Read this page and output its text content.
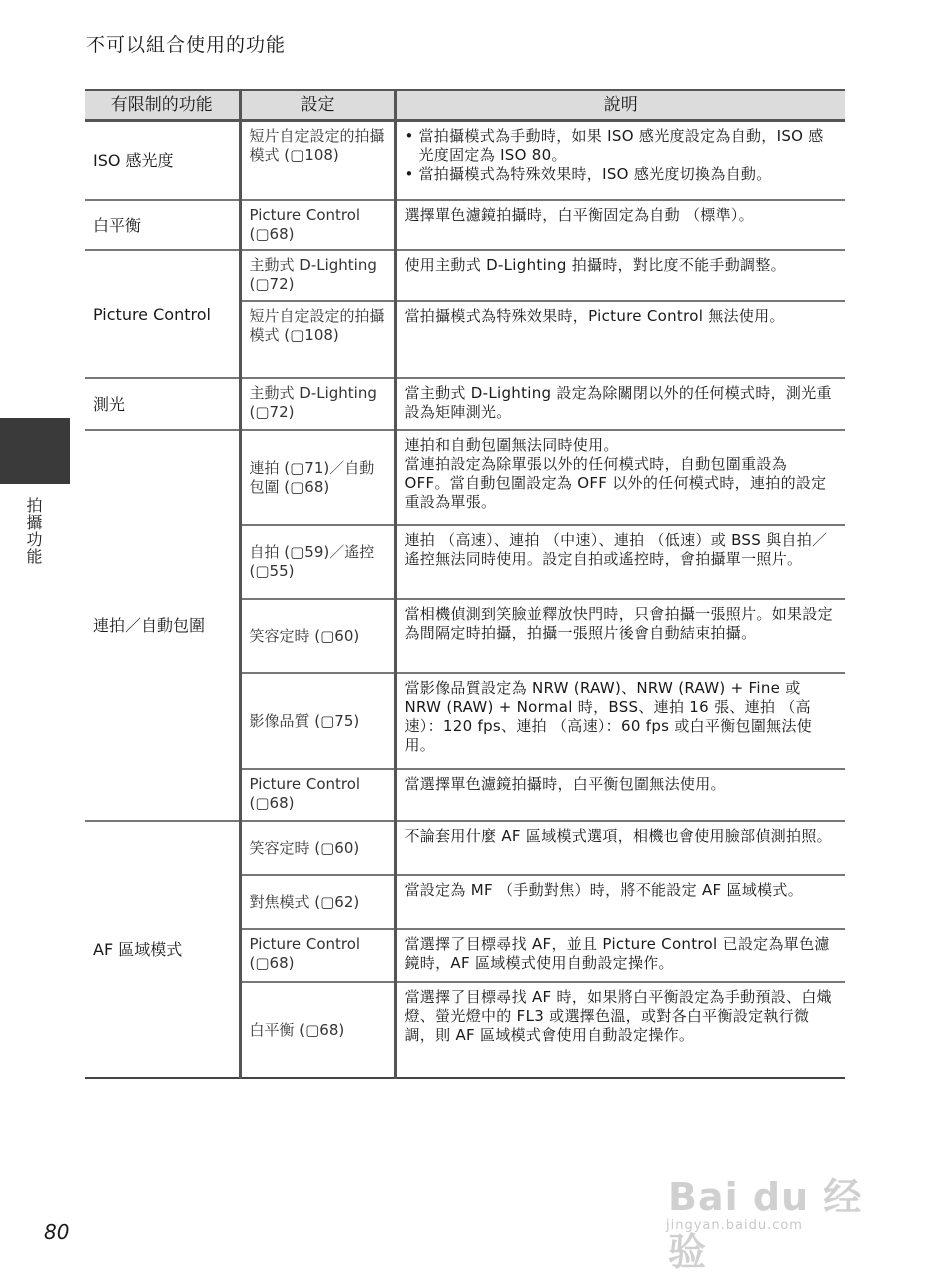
不可以組合使用的功能
拍攝功能
有限制的功能	設定	說明
ISO 感光度	短片自定設定的拍攝模式 (▢108)	• 當拍攝模式為手動時，如果 ISO 感光度設定為自動，ISO 感光度固定為 ISO 80。
• 當拍攝模式為特殊效果時，ISO 感光度切換為自動。

白平衡	Picture Control (▢68)	選擇單色濾鏡拍攝時，白平衡固定為自動 （標準）。
Picture Control	主動式 D-Lighting (▢72)	使用主動式 D-Lighting 拍攝時，對比度不能手動調整。
	短片自定設定的拍攝模式 (▢108)	當拍攝模式為特殊效果時，Picture Control 無法使用。
測光	主動式 D-Lighting (▢72)	當主動式 D-Lighting 設定為除關閉以外的任何模式時，測光重設為矩陣測光。
連拍／自動包圍	連拍 (▢71)／自動包圍 (▢68)	連拍和自動包圍無法同時使用。
當連拍設定為除單張以外的任何模式時，自動包圍重設為 OFF。當自動包圍設定為 OFF 以外的任何模式時，連拍的設定重設為單張。

	自拍 (▢59)／遙控(▢55)	連拍 （高速）、連拍 （中速）、連拍 （低速）或 BSS 與自拍／遙控無法同時使用。設定自拍或遙控時，會拍攝單一照片。
	笑容定時 (▢60)	當相機偵測到笑臉並釋放快門時，只會拍攝一張照片。如果設定為間隔定時拍攝，拍攝一張照片後會自動結束拍攝。
	影像品質 (▢75)	當影像品質設定為 NRW (RAW)、NRW (RAW) + Fine 或 NRW (RAW) + Normal 時，BSS、連拍 16 張、連拍 （高速）：120 fps、連拍 （高速）：60 fps 或白平衡包圍無法使用。
	Picture Control (▢68)	當選擇單色濾鏡拍攝時，白平衡包圍無法使用。
AF 區域模式	笑容定時 (▢60)	不論套用什麼 AF 區域模式選項，相機也會使用臉部偵測拍照。
	對焦模式 (▢62)	當設定為 MF （手動對焦）時，將不能設定 AF 區域模式。
	Picture Control (▢68)	當選擇了目標尋找 AF，並且 Picture Control 已設定為單色濾鏡時，AF 區域模式使用自動設定操作。
	白平衡 (▢68)	當選擇了目標尋找 AF 時，如果將白平衡設定為手動預設、白熾燈、螢光燈中的 FL3 或選擇色溫，或對各白平衡設定執行微調，則 AF 區域模式會使用自動設定操作。
80
Bai du 经验
jingyan.baidu.com
